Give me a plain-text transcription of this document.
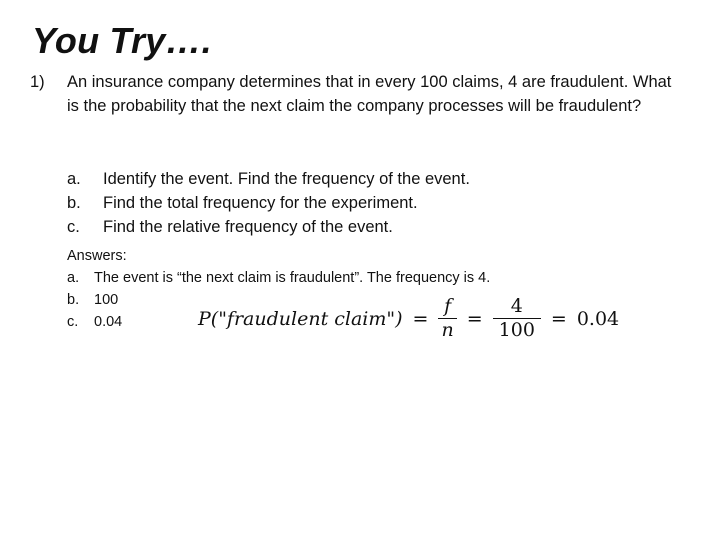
You Try….
1) An insurance company determines that in every 100 claims, 4 are fraudulent. What is the probability that the next claim the company processes will be fraudulent?
a.	Identify the event. Find the frequency of the event.
b.	Find the total frequency for the experiment.
c.	Find the relative frequency of the event.
Answers:
a.	The event is “the next claim is fraudulent”. The frequency is 4.
b.	100
c.	0.04	P("fraudulent claim") = $\frac{f}{n} = \frac{4}{100} = 0.04$
